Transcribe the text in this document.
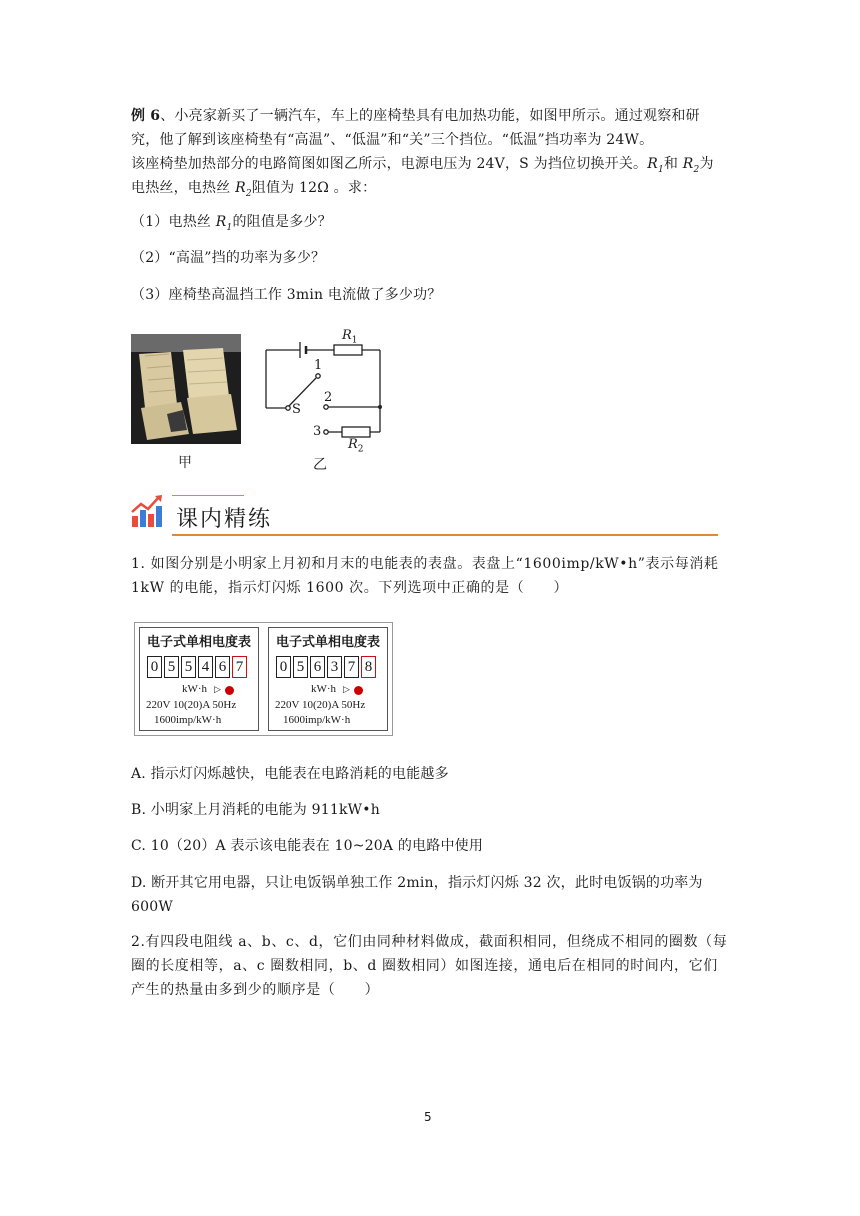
例 6、小亮家新买了一辆汽车，车上的座椅垫具有电加热功能，如图甲所示。通过观察和研
究，他了解到该座椅垫有“高温”、“低温”和“关”三个挡位。“低温”挡功率为 24W。
该座椅垫加热部分的电路简图如图乙所示，电源电压为 24V，S 为挡位切换开关。$R_1$和 $R_2$为
电热丝，电热丝 $R_2$阻值为 12Ω 。求：
（1）电热丝 $R_1$的阻值是多少？
（2）“高温”挡的功率为多少？
（3）座椅垫高温挡工作 3min 电流做了多少功？
甲
$R_1$
$R_2$
S
1
2
3
乙
课内精练
1. 如图分别是小明家上月初和月末的电能表的表盘。表盘上“1600imp/kW•h”表示每消耗
1kW 的电能，指示灯闪烁 1600 次。下列选项中正确的是（　　）
电子式单相电度表
0 5 5 4 6 7
kW·h ▷
220V 10(20)A 50Hz
1600imp/kW·h
电子式单相电度表
0 5 6 3 7 8
kW·h ▷
220V 10(20)A 50Hz
1600imp/kW·h
A. 指示灯闪烁越快，电能表在电路消耗的电能越多
B. 小明家上月消耗的电能为 911kW•h
C. 10（20）A 表示该电能表在 10~20A 的电路中使用
D. 断开其它用电器，只让电饭锅单独工作 2min，指示灯闪烁 32 次，此时电饭锅的功率为
600W
2.有四段电阻线 a、b、c、d，它们由同种材料做成，截面积相同，但绕成不相同的圈数（每
圈的长度相等，a、c 圈数相同，b、d 圈数相同）如图连接，通电后在相同的时间内，它们
产生的热量由多到少的顺序是（　　）
5
